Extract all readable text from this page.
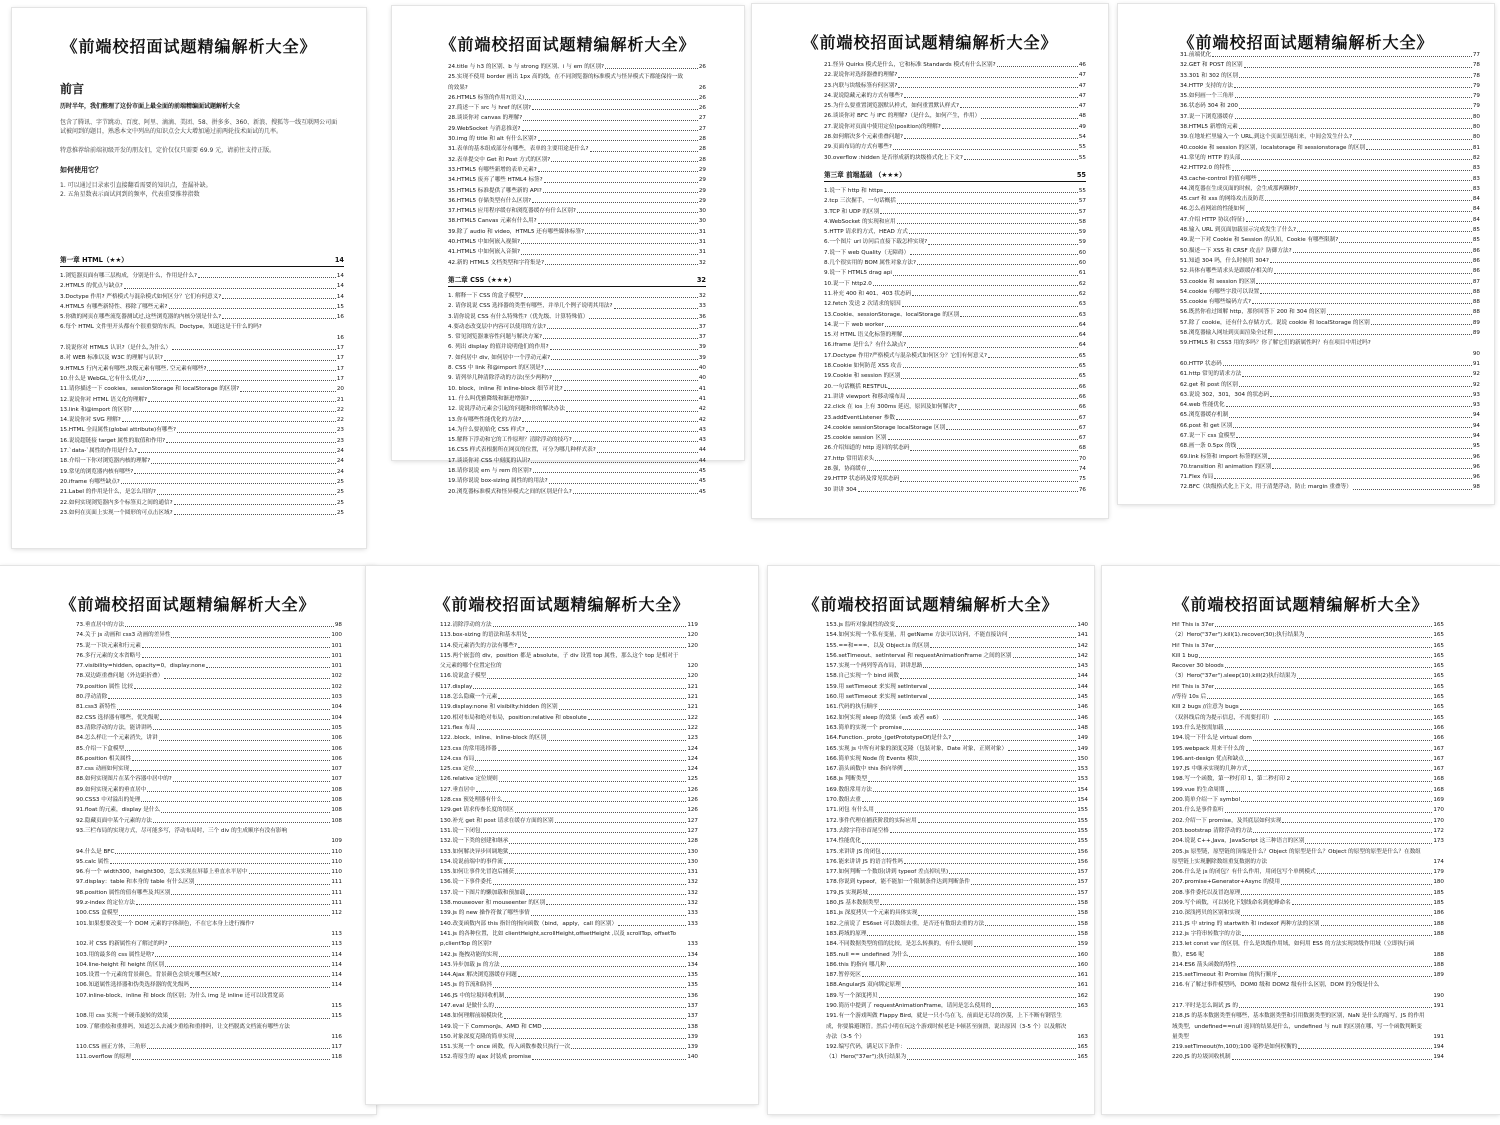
《前端校招面试题精编解析大全》
前言
历时半年，我们整理了这份市面上最全面的前端精编面试题解析大全

包含了腾讯、字节跳动、百度、阿里、滴滴、美团、58、拼多多、360、新浪、搜狐等一线互联网公司面试被问到的题目，熟悉本文中列出的知识点会大大增加通过前两轮技术面试的几率。

特意推荐给前端初级开发的朋友们，定价仅仅只需要 69.9 元，请前往支持正版。

如何使用它？

1. 可以通过目录索引直接翻看需要的知识点，查漏补缺。

2. 五角星数表示面试问到的频率，代表重要推荐指数

第一章 HTML（★★）	14
1.浏览器页面有哪三层构成，分别是什么，作用是什么?	14
2.HTML5 的优点与缺点?	14
3.Doctype 作用? 严格模式与混杂模式如何区分？它们有何意义?	14
4.HTML5 有哪些新特性、移除了哪些元素?	15
5.你做的网页在哪些流览器测试过,这些浏览器的内核分别是什么?	16
6.每个 HTML 文件里开头都有个很重要的东西，Doctype，知道这是干什么的吗?
16
7.说说你对 HTML5 认识?（是什么,为什么）	17
8.对 WEB 标准以及 W3C 的理解与认识?	17
9.HTML5 行内元素有哪些,块级元素有哪些, 空元素有哪些?	17
10.什么是 WebGL,它有什么优点?	17
11.请你描述一下 cookies，sessionStorage 和 localStorage 的区别?	20
12.说说你对 HTML 语义化的理解?	21
13.link 和@import 的区别?	22
14.说说你对 SVG 理解?	22
15.HTML 全局属性(global attribute)有哪些?	23
16.说说超链接 target 属性的取值和作用?	23
17.`data-`属性的作用是什么?	24
18.介绍一下你对浏览器内核的理解?	24
19.常见的浏览器内核有哪些?	24
20.iframe 有哪些缺点?	25
21.Label 的作用是什么，是怎么用的?	25
22.如何实现浏览器内多个标签页之间的通信?	25
23.如何在页面上实现一个圆形的可点击区域?	25
《前端校招面试题精编解析大全》
24.title 与 h3 的区别、b 与 strong 的区别、i 与 em 的区别?	26
25.实现不使用 border 画出 1px 高的线，在不同浏览器的标准模式与怪异模式下都能保持一致的效果?	26
26.HTML5 标签的作用?(语义)	26
27.简述一下 src 与 href 的区别?	26
28.谈谈你对 canvas 的理解?	27
29.WebSocket 与消息推送?	27
30.img 的 title 和 alt 有什么区别?	28
31.表单的基本组成部分有哪些，表单的主要用途是什么?	28
32.表单提交中 Get 和 Post 方式的区别?	28
33.HTML5 有哪些新增的表单元素?	29
34.HTML5 废弃了哪些 HTML4 标签?	29
35.HTML5 标准提供了哪些新的 API?	29
36.HTML5 存储类型有什么区别?	29
37.HTML5 应用程序缓存和浏览器缓存有什么区别?	30
38.HTML5 Canvas 元素有什么用?	30
39.除了 audio 和 video，HTML5 还有哪些媒体标签?	31
40.HTML5 中如何嵌入视频?	31
41.HTML5 中如何嵌入音频?	31
42.新的 HTML5 文档类型和字符集是?	32
第二章 CSS（★★★）	32
1. 解释一下 CSS 的盒子模型?	32
2. 请你说说 CSS 选择器的类型有哪些，并举几个例子说明其用法?	33
3.请你说说 CSS 有什么特殊性?（优先级、计算特殊值）	36
4.要动态改变层中内容可以使用的方法?	37
5. 常见浏览器兼容性问题与解决方案?	37
6. 列出 display 的值并说明他们的作用?	39
7. 如何居中 div, 如何居中一个浮动元素?	39
8. CSS 中 link 和@import 的区别是?	40
9. 请列举几种清除浮动的方法(至少两种)?	40
10. block，inline 和 inline-block 细节对比?	41
11. 什么叫优雅降级和渐进增强?	41
12. 说说浮动元素会引起的问题和你的解决办法	42
13.你有哪些性能优化的方法?	42
14.为什么要初始化 CSS 样式?	43
15.解释下浮动和它的工作原理？清除浮动的技巧?	43
16.CSS 样式表根据所在网页的位置，可分为哪几种样式表?	44
17.谈谈你对 CSS 中刻度的认识?	44
18.请你说说 em 与 rem 的区别?	45
19.请你说说 box-sizing 属性的的用法?	45
20.浏览器标准模式和怪异模式之间的区别是什么?	45
《前端校招面试题精编解析大全》
21.怪异 Quirks 模式是什么，它和标准 Standards 模式有什么区别?	46
22.说说你对选择器叠的理解?	47
23.内联与块级标签有何区别?	47
24.说说隐藏元素的方式有哪些?	47
25.为什么要重置浏览器默认样式，如何重置默认样式?	47
26.谈谈你对 BFC 与 IFC 的理解?（是什么，如何产生，作用）	48
27.说说你对页面中使用定位(position)的理解?	49
28.如何解决多个元素重叠问题?	54
29.页面布局的方式有哪些?	55
30.overflow :hidden 是否形成新的块级格式化上下文?	55
第三章 前端基础 （★★★）	55
1.说一下 http 和 https	55
2.tcp 三次握手，一句话概括	57
3.TCP 和 UDP 的区别	57
4.WebSocket 的实现和应用	58
5.HTTP 请求的方式，HEAD 方式	59
6.一个图片 url 访问后直接下载怎样实现?	59
7.说一下 web Quality（无障碍）	60
8.几个很实用的 BOM 属性对象方法?	60
9.说一下 HTML5 drag api	61
10.说一下 http2.0	62
11.补充 400 和 401、403 状态码	62
12.fetch 发送 2 次请求的原因	63
13.Cookie、sessionStorage、localStorage 的区别	63
14.说一下 web worker	64
15.对 HTML 语义化标签的理解	64
16.iframe 是什么？有什么缺点?	64
17.Doctype 作用?严格模式与混杂模式如何区分？它们有何意义?	65
18.Cookie 如何防范 XSS 攻击	65
19.Cookie 和 session 的区别	65
20.一句话概括 RESTFUL	66
21.讲讲 viewport 和移动端布局	66
22.click 在 ios 上有 300ms 延迟，原因及如何解决?	66
23.addEventListener 参数	67
24.cookie sessionStorage localStorage 区别	67
25.cookie session 区别	67
26.介绍知道的 http 返回的状态码	68
27.http 常用请求头	70
28.强，协商缓存	74
29.HTTP 状态码及常见状态码	75
30 讲讲 304	76
《前端校招面试题精编解析大全》
31.前端优化	77
32.GET 和 POST 的区别	78
33.301 和 302 的区别	78
34.HTTP 支持的方法	79
35.如何画一个三角形	79
36.状态码 304 和 200	79
37.说一下浏览器缓存	80
38.HTML5 新增的元素	80
39.在地址栏里输入一个 URL,到这个页面呈现出来，中间会发生什么?	80
40.cookie 和 session 的区别，localstorage 和 sessionstorage 的区别	81
41.常见的 HTTP 的头部	82
42.HTTP2.0 的特性	83
43.cache-control 的值有哪些	83
44.浏览器在生成页面的时候，会生成那两颗树?	83
45.csrf 和 xss 的网络攻击及防范	84
46.怎么看网站的性能如何	84
47.介绍 HTTP 协议(特征)	84
48.输入 URL 到页面加载显示完成发生了什么?	85
49.说一下对 Cookie 和 Session 的认知，Cookie 有哪些限制?	85
50.描述一下 XSS 和 CRSF 攻击？防御方法?	86
51.知道 304 吗，什么时候用 304?	86
52.具体有哪些请求头是跟缓存相关的	86
53.cookie 和 session 的区别	87
54.cookie 有哪些字段可以设置	88
55.cookie 有哪些编码方式?	88
56.既然你看过图解 http，那你回答下 200 和 304 的区别	88
57.除了 cookie，还有什么存储方式。说说 cookie 和 localStorage 的区别	89
58.浏览器输入网址到页面渲染全过程	89
59.HTML5 和 CSS3 用的多吗？你了解它们的新属性吗？有在项目中用过吗?
90
60.HTTP 状态码	91
61.http 常见的请求方法	92
62.get 和 post 的区别	92
63.说说 302，301，304 的状态码	93
64.web 性能优化	93
65.浏览器缓存机制	94
66.post 和 get 区别	94
67.说一下 css 盒模型	94
68.画一条 0.5px 的线	95
69.link 标签和 import 标签的区别	96
70.transition 和 animation 的区别	96
71.Flex 布局	96
72.BFC（块级格式化上下文，用于清楚浮动，防止 margin 重叠等）	98
《前端校招面试题精编解析大全》
73.垂直居中的方法	98
74.关于 js 动画和 css3 动画的差异性	100
75.说一下块元素和行元素	101
76.多行元素的文本省略号	101
77.visibility=hidden, opacity=0，display:none	101
78.双边距重叠问题（外边距折叠）	102
79.position 属性 比较	102
80.浮动清除	103
81.css3 新特性	104
82.CSS 选择器有哪些，优先级呢	104
83.清除浮动的方法，能讲讲吗	105
84.怎么样让一个元素消失，讲讲	106
85.介绍一下盒模型	106
86.position 相关属性	106
87.css 动画如何实现	107
88.如何实现图片在某个容器中居中的?	107
89.如何实现元素的垂直居中	108
90.CSS3 中对溢出的处理	108
91.float 的元素，display 是什么	108
92.隐藏页面中某个元素的方法	108
93.三栏布局的实现方式，尽可能多写，浮动布局时，三个 div 的生成顺序有没有影响
109
94.什么是 BFC	110
95.calc 属性	110
96.有一个 width300，height300，怎么实现在屏幕上垂直水平居中	110
97.display：table 和本身的 table 有什么区别	111
98.position 属性的值有哪些及其区别	111
99.z-index 的定位方法	111
100.CSS 盒模型	112
101.如果想要改变一个 DOM 元素的字体颜色，不在它本身上进行操作?
113
102.对 CSS 的新属性有了解过的吗?	113
103.用的最多的 css 属性是啥?	114
104.line-height 和 height 的区别	114
105.设置一个元素的背景颜色，背景颜色会填充哪些区域?	114
106.知道属性选择器和伪类选择器的优先级吗	114
107.inline-block、inline 和 block 的区别；为什么 img 是 inline 还可以设置宽高
115
108.用 css 实现一个硬币旋转的效果	115
109.了解重绘和重排吗，知道怎么去减少重绘和重排吗，让文档脱离文档流有哪些方法
116
110.CSS 画正方体，三角形	117
111.overflow 的原理	118
《前端校招面试题精编解析大全》
112.清除浮动的方法	119
113.box-sizing 的语法和基本用处	120
114.使元素消失的方法有哪些?	120
115.两个嵌套的 div，position 都是 absolute，子 div 设置 top 属性，那么这个 top 是相对于父元素的哪个位置定位的	120
116.说说盒子模型	120
117.display	121
118.怎么隐藏一个元素	121
119.display:none 和 visibilty:hidden 的区别	121
120.相对布局和绝对布局，position:relative 和 obsolute	122
121.flex 布局	122
122..block、inline、inline-block 的区别	123
123.css 的常用选择器	124
124.css 布局	124
125.css 定位	124
126.relative 定位规则	125
127.垂直居中	126
128.css 预处理器有什么	126
129.get 请求传参长度的误区	126
130.补充 get 和 post 请求在缓存方面的区别	127
131.说一下闭包	127
132.说一下类的创建和继承	128
133.如何解决异步回调地狱	130
134.说说前端中的事件流	130
135.如何让事件先冒泡后捕获	131
136.说一下事件委托	132
137.说一下图片的懒加载和预加载	132
138.mouseover 和 mouseenter 的区别	132
139.js 的 new 操作符做了哪些事情	133
140.改变函数内部 this 指针的指向函数（bind，apply，call 的区别）	133
141.js 的各种位置，比如 clientHeight,scrollHeight,offsetHeight ,以及 scrollTop, offsetTop,clientTop 的区别?	133
142.js 拖拽功能的实现	134
143.异步加载 js 的方法	134
144.Ajax 解决浏览器缓存问题	135
145.js 的节流和防抖	135
146.JS 中的垃圾回收机制	136
147.eval 是做什么的	137
148.如何理解前端模块化	137
149.说一下 CommonJs、AMD 和 CMD	138
150.对象深度克隆的简单实现	139
151.实现一个 once 函数，传入函数参数只执行一次	139
152.将原生的 ajax 封装成 promise	140
《前端校招面试题精编解析大全》
153.js 监听对象属性的改变	140
154.如何实现一个私有变量，用 getName 方法可以访问，不能直接访问	141
155.==和===、以及 Object.is 的区别	142
156.setTimeout、setInterval 和 requestAnimationFrame 之间的区别	142
157.实现一个两列等高布局，讲讲思路	143
158.自己实现一个 bind 函数	144
159.用 setTimeout 来实现 setInterval	144
160.用 setTimeout 来实现 setInterval	145
161.代码的执行顺序	146
162.如何实现 sleep 的效果（es5 或者 es6）	146
163.简单的实现一个 promise	148
164.Function._proto_(getPrototypeOf)是什么?	149
165.实现 js 中所有对象的深度克隆（包装对象，Date 对象，正则对象）	149
166.简单实现 Node 的 Events 模块	150
167.箭头函数中 this 指向举例	153
168.js 判断类型	153
169.数组常用方法	154
170.数组去重	154
171.闭包 有什么用	155
172.事件代理在捕获阶段的实际应用	155
173.去除字符串首尾空格	155
174.性能优化	155
175.来讲讲 JS 的闭包	156
176.能来讲讲 JS 的语言特性吗	156
177.如何判断一个数组(讲到 typeof 差点掉坑里)	157
178.你说到 typeof，能不能加一个限制条件达到判断条件	157
179.JS 实现跨域	157
180.JS 基本数据类型	158
181.js 深度拷贝一个元素的具体实现	158
182.之前说了 ES6set 可以数组去重，是否还有数组去重的方法	158
183.跨域的原理	158
184.不同数据类型的值的比较，是怎么转换的，有什么规则	159
185.null == undefined 为什么	160
186.this 的指向 哪几种	160
187.暂停死区	161
188.AngularJS 双向绑定原理	161
189.写一个深度拷贝	162
190.简历中提到了 requestAnimationFrame，请问是怎么使用的	163
191.有一个游戏叫做 Flappy Bird，就是一只小鸟在飞，前面是无尽的沙漠，上下不断有钢管生成，你要躲避钢管。然后小明在玩这个游戏时候老是卡顿甚至崩溃，说出原因（3-5 个）以及解决办法（3-5 个）	163
192.编写代码，满足以下条件：	165
（1）Hero("37er");执行结果为	165
《前端校招面试题精编解析大全》
Hi! This is 37er	165
（2）Hero("37er").kill(1).recover(30);执行结果为	165
Hi! This is 37er	165
Kill 1 bug	165
Recover 30 bloods	165
（3）Hero("37er").sleep(10).kill(2)执行结果为	165
Hi! This is 37er	165
//等待 10s 后	165
Kill 2 bugs //注意为 bugs	165
（双斜线后的为提示信息，不需要打印）	165
193.什么是按需加载	166
194.说一下什么是 virtual dom	166
195.webpack 用来干什么的	167
196.ant-design 优点和缺点	167
197.JS 中继承实现的几种方式	167
198.写一个函数，第一秒打印 1，第二秒打印 2	168
199.vue 的生命周期	168
200.简单介绍一下 symbol	169
201.什么是事件监听	170
202.介绍一下 promise，及其底层如何实现	170
203.bootstrap 清除浮动的方法	172
204.说说 C++,Java，JavaScript 这三种语言的区别	173
205.js 原型链，原型链的顶端是什么？Object 的原型是什么？Object 的原型的原型是什么？在数组原型链上实现删除数组重复数据的方法	174
206.什么是 js 的闭包？有什么作用，用闭包写个单例模式	179
207.promise+Generator+Async 的使用	180
208.事件委托以及冒泡原理	185
209.写个函数，可以转化下划线命名到驼峰命名	185
210.深浅拷贝的区别和实现	186
211.JS 中 string 的 startwith 和 indexof 两种方法的区别	188
212.js 字符串转数字的方法	188
213.let const var 的区别，什么是块级作用域，如何用 ES5 的方法实现块级作用域（立即执行函数），ES6 呢	188
214.ES6 箭头函数的特性	188
215.setTimeout 和 Promise 的执行顺序	189
216.有了解过事件模型吗，DOM0 级和 DOM2 级有什么区别，DOM 的分级是什么
190
217.平时是怎么调试 JS 的	191
218.JS 的基本数据类型有哪些，基本数据类型和引用数据类型的区别，NaN 是什么的缩写，JS 的作用域类型，undefined==null 返回的结果是什么，undefined 与 null 的区别在哪，写一个函数判断变量类型	191
219.setTimeout(fn,100);100 毫秒是如何权衡的	194
220.JS 的垃圾回收机制	194
